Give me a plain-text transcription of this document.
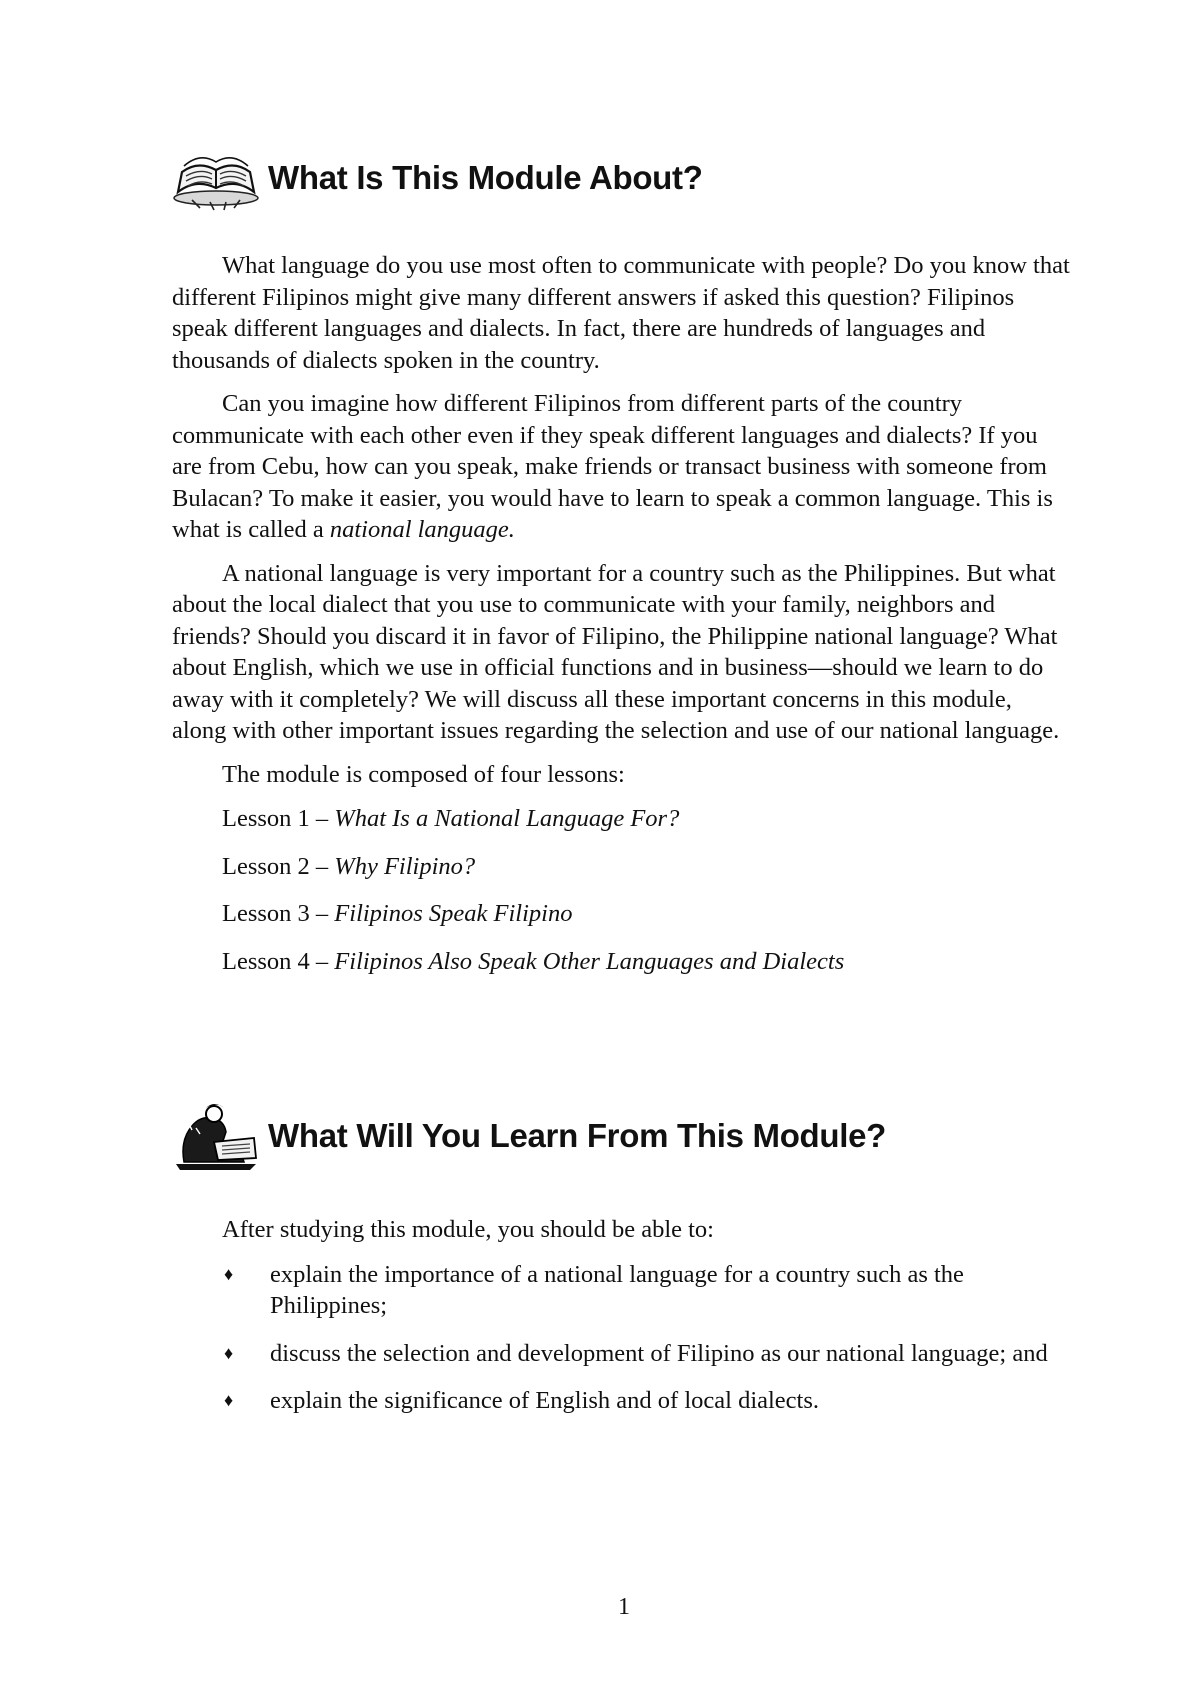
What Is This Module About?

What language do you use most often to communicate with people? Do you know that different Filipinos might give many different answers if asked this question? Filipinos speak different languages and dialects. In fact, there are hundreds of languages and thousands of dialects spoken in the country.

Can you imagine how different Filipinos from different parts of the country communicate with each other even if they speak different languages and dialects? If you are from Cebu, how can you speak, make friends or transact business with someone from Bulacan? To make it easier, you would have to learn to speak a common language. This is what is called a national language.

A national language is very important for a country such as the Philippines. But what about the local dialect that you use to communicate with your family, neighbors and friends? Should you discard it in favor of Filipino, the Philippine national language? What about English, which we use in official functions and in business—should we learn to do away with it completely? We will discuss all these important concerns in this module, along with other important issues regarding the selection and use of our national language.

The module is composed of four lessons:

Lesson 1 – What Is a National Language For?

Lesson 2 – Why Filipino?

Lesson 3 – Filipinos Speak Filipino

Lesson 4 – Filipinos Also Speak Other Languages and Dialects

What Will You Learn From This Module?

After studying this module, you should be able to:

♦ explain the importance of a national language for a country such as the Philippines;
♦ discuss the selection and development of Filipino as our national language; and
♦ explain the significance of English and of local dialects.
1
